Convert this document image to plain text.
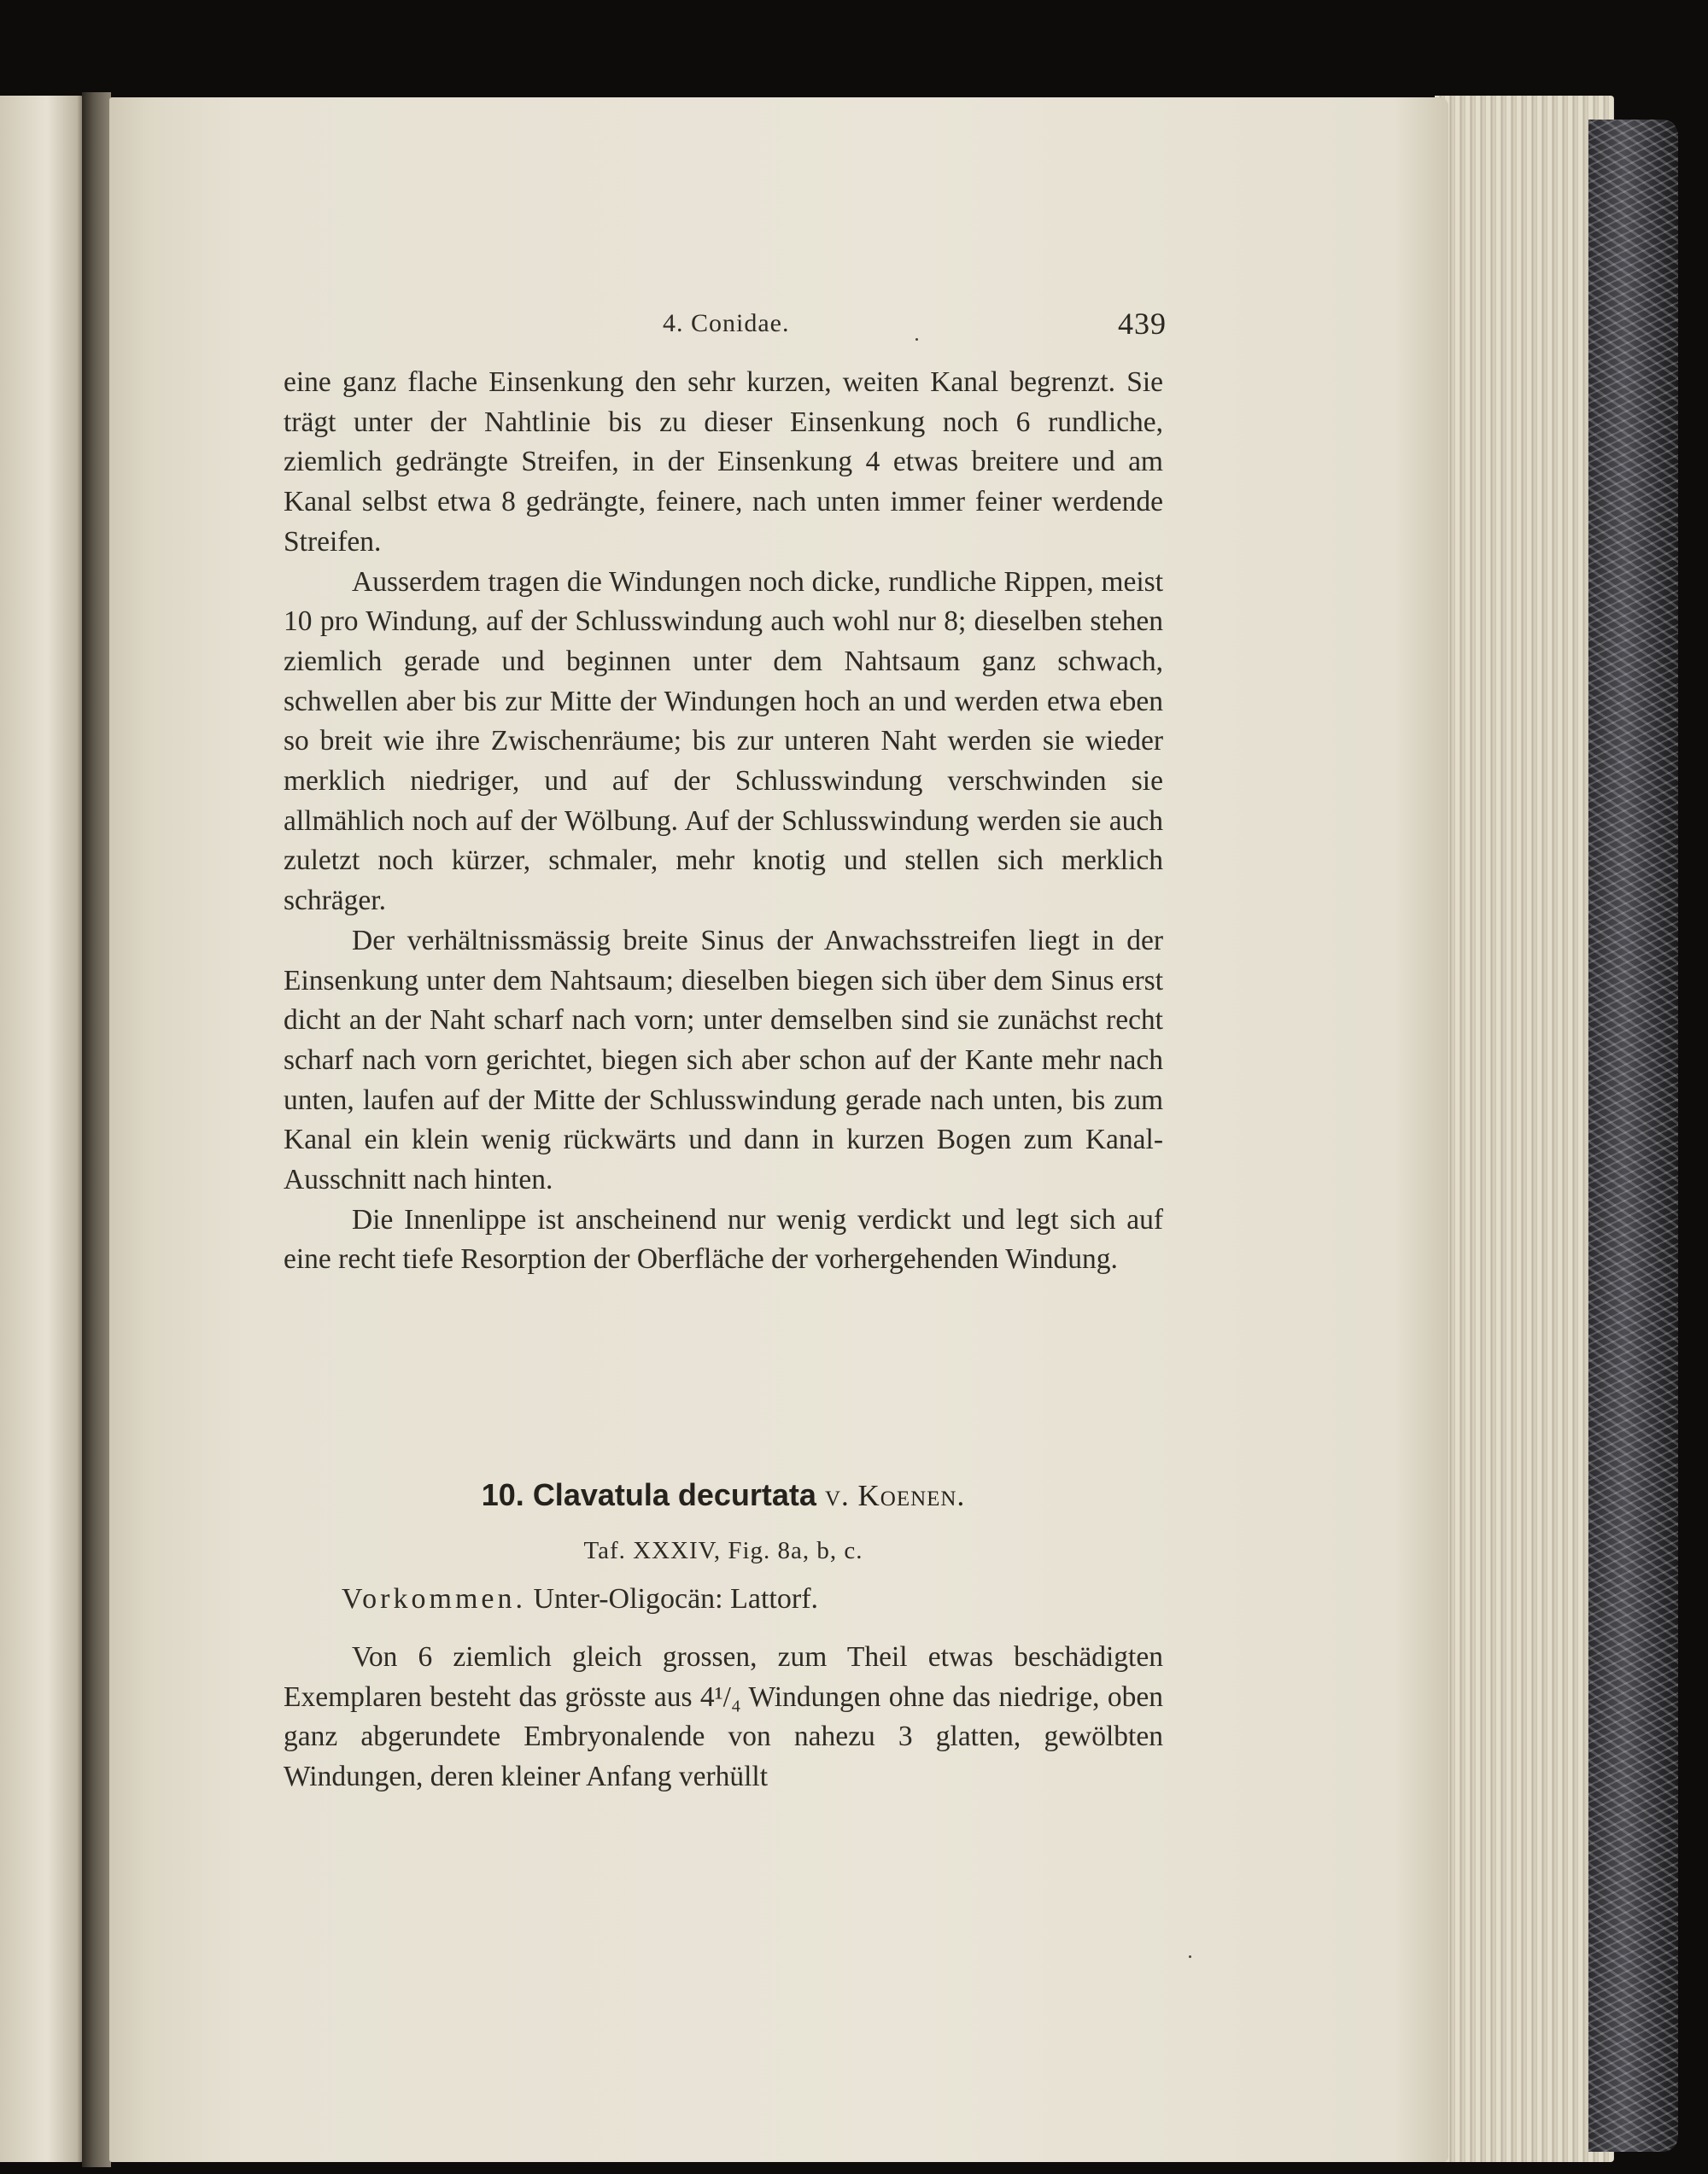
4. Conidae.	439

eine ganz flache Einsenkung den sehr kurzen, weiten Kanal begrenzt. Sie trägt unter der Nahtlinie bis zu dieser Einsenkung noch 6 rundliche, ziemlich gedrängte Streifen, in der Einsenkung 4 etwas breitere und am Kanal selbst etwa 8 gedrängte, feinere, nach unten immer feiner werdende Streifen.

Ausserdem tragen die Windungen noch dicke, rundliche Rippen, meist 10 pro Windung, auf der Schlusswindung auch wohl nur 8; dieselben stehen ziemlich gerade und beginnen unter dem Nahtsaum ganz schwach, schwellen aber bis zur Mitte der Windungen hoch an und werden etwa eben so breit wie ihre Zwischenräume; bis zur unteren Naht werden sie wieder merklich niedriger, und auf der Schlusswindung verschwinden sie allmählich noch auf der Wölbung. Auf der Schlusswindung werden sie auch zuletzt noch kürzer, schmaler, mehr knotig und stellen sich merklich schräger.

Der verhältnissmässig breite Sinus der Anwachsstreifen liegt in der Einsenkung unter dem Nahtsaum; dieselben biegen sich über dem Sinus erst dicht an der Naht scharf nach vorn; unter demselben sind sie zunächst recht scharf nach vorn gerichtet, biegen sich aber schon auf der Kante mehr nach unten, laufen auf der Mitte der Schlusswindung gerade nach unten, bis zum Kanal ein klein wenig rückwärts und dann in kurzen Bogen zum Kanal-Ausschnitt nach hinten.

Die Innenlippe ist anscheinend nur wenig verdickt und legt sich auf eine recht tiefe Resorption der Oberfläche der vorhergehenden Windung.

10. Clavatula decurtata v. Koenen.
Taf. XXXIV, Fig. 8a, b, c.
Vorkommen. Unter-Oligocän: Lattorf.

Von 6 ziemlich gleich grossen, zum Theil etwas beschädigten Exemplaren besteht das grösste aus 4¹/₄ Windungen ohne das niedrige, oben ganz abgerundete Embryonalende von nahezu 3 glatten, gewölbten Windungen, deren kleiner Anfang verhüllt
